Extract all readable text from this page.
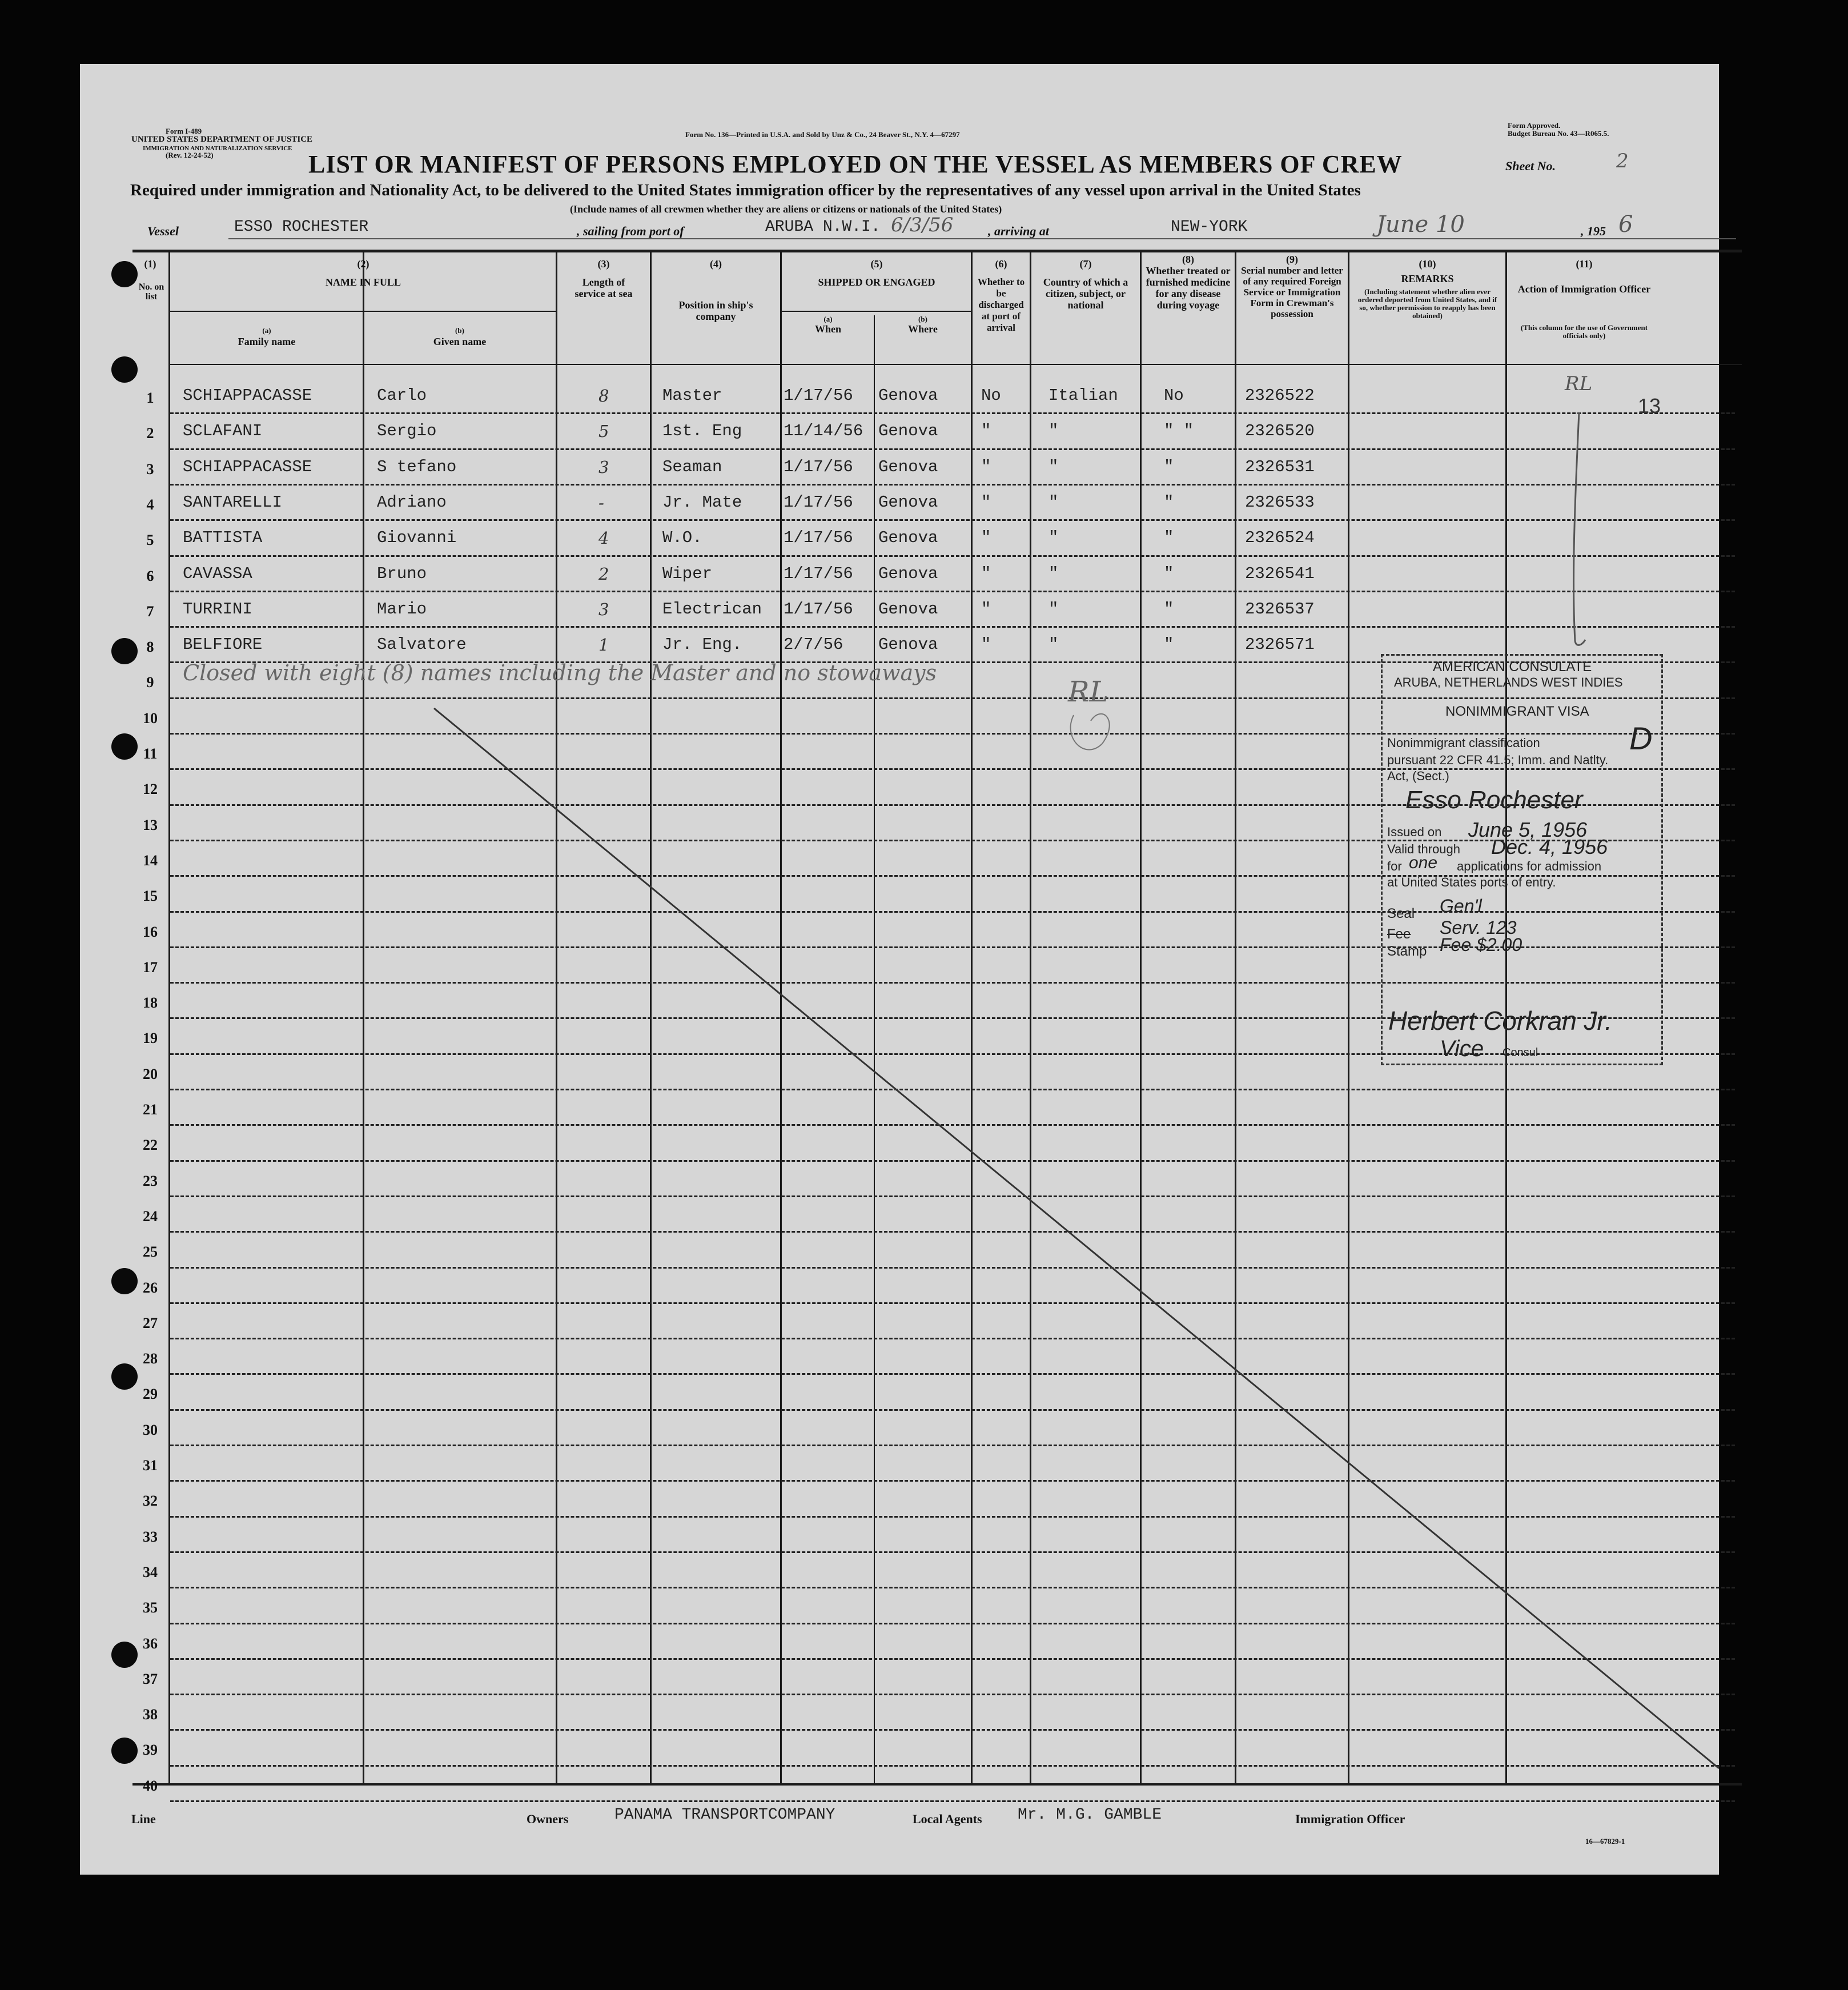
Form I-489
UNITED STATES DEPARTMENT OF JUSTICE
IMMIGRATION AND NATURALIZATION SERVICE
(Rev. 12-24-52)
Form No. 136—Printed in U.S.A. and Sold by Unz & Co., 24 Beaver St., N.Y. 4—67297
Form Approved.
Budget Bureau No. 43—R065.5.
LIST OR MANIFEST OF PERSONS EMPLOYED ON THE VESSEL AS MEMBERS OF CREW	Sheet No.	2
Required under immigration and Nationality Act, to be delivered to the United States immigration officer by the representatives of any vessel upon arrival in the United States
(Include names of all crewmen whether they are aliens or citizens or nationals of the United States)
Vessel	ESSO ROCHESTER	, sailing from port of	ARUBA N.W.I. 6/3/56	, arriving at	NEW-YORK	June 10	, 195 6
(1)
No. on list
(2)
NAME IN FULL
(a)
Family name
(b)
Given name
(3)
Length of service at sea
(4)
Position in ship's company
(5)
SHIPPED OR ENGAGED
(a)
When
(b)
Where
(6)
Whether to be discharged at port of arrival
(7)
Country of which a citizen, subject, or national
(8)
Whether treated or furnished medicine for any disease during voyage
(9)
Serial number and letter of any required Foreign Service or Immigration Form in Crewman's possession
(10)
REMARKS
(Including statement whether alien ever ordered deported from United States, and if so, whether permission to reapply has been obtained)
(11)
Action of Immigration Officer
(This column for the use of Government officials only)
1
2
3
4
5
6
7
8
9
10
11
12
13
14
15
16
17
18
19
20
21
22
23
24
25
26
27
28
29
30
31
32
33
34
35
36
37
38
39
40
SCHIAPPACASSE	Carlo	8	Master	1/17/56 Genova	No	Italian	No	2326522
SCLAFANI	Sergio	5	1st. Eng	11/14/56 Genova	"	"	" "	2326520
SCHIAPPACASSE	S tefano	3	Seaman	1/17/56 Genova	"	"	"	2326531
SANTARELLI	Adriano	-	Jr. Mate	1/17/56 Genova	"	"	"	2326533
BATTISTA	Giovanni	4	W.O.	1/17/56 Genova	"	"	"	2326524
CAVASSA	Bruno	2	Wiper	1/17/56 Genova	"	"	"	2326541
TURRINI	Mario	3	Electrican 1/17/56 Genova	"	"	"	2326537
BELFIORE	Salvatore	1	Jr. Eng.	2/7/56 Genova	"	"	"	2326571
Closed with eight (8) names including the Master and no stowaways
RL
13
RL
AMERICAN CONSULATE
ARUBA, NETHERLANDS WEST INDIES
NONIMMIGRANT VISA
Nonimmigrant classification	D
pursuant 22 CFR 41.5; Imm. and Natlty.
Act, (Sect.)
Esso Rochester
Issued on June 5, 1956
Valid through Dec. 4, 1956
for one applications for admission
at United States ports of entry.
Seal Gen'l
Fee Serv. 123
Stamp Fee $2.00
Herbert Corkran Jr.
Vice Consul
Line	Owners	PANAMA TRANSPORTCOMPANY	Local Agents Mr. M.G. GAMBLE	Immigration Officer
16—67829-1
